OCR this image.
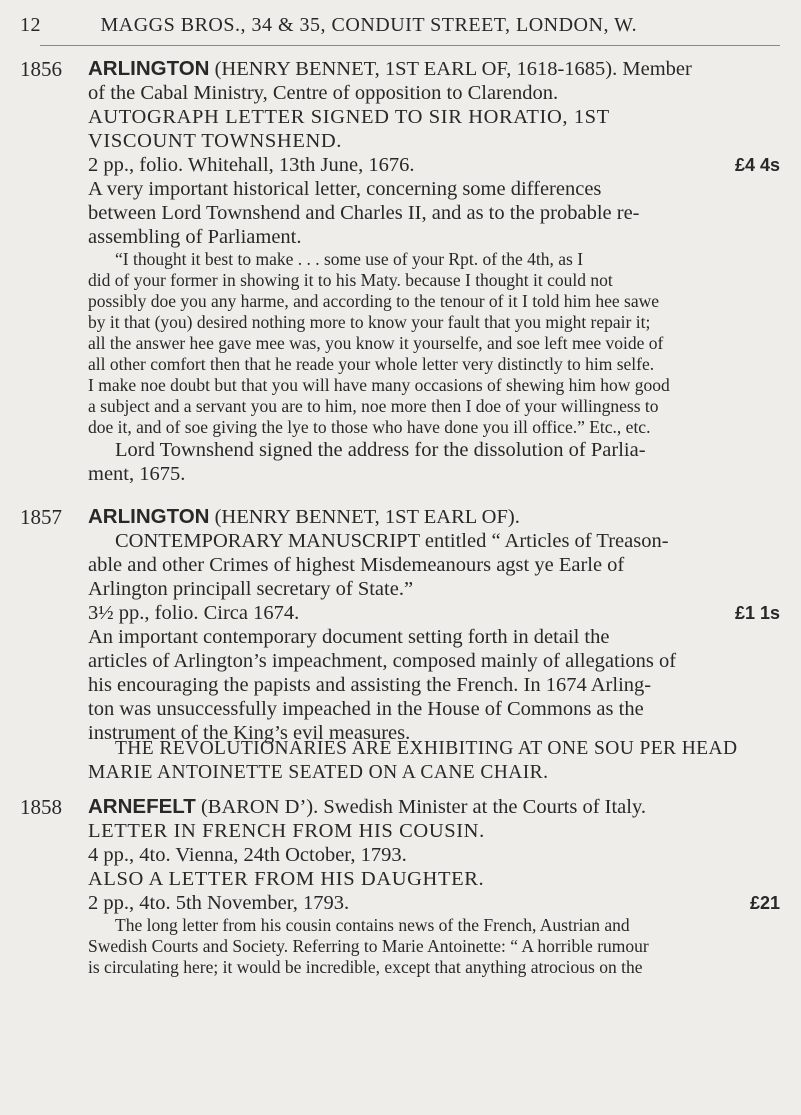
12	MAGGS BROS., 34 & 35, CONDUIT STREET, LONDON, W.
1856	ARLINGTON (HENRY BENNET, 1ST EARL OF, 1618-1685). Member
of the Cabal Ministry, Centre of opposition to Clarendon.
AUTOGRAPH LETTER SIGNED TO SIR HORATIO, 1ST
VISCOUNT TOWNSHEND.
2 pp., folio. Whitehall, 13th June, 1676.	£4 4s
A very important historical letter, concerning some differences
between Lord Townshend and Charles II, and as to the probable re-
assembling of Parliament.
“I thought it best to make . . . some use of your Rpt. of the 4th, as I
did of your former in showing it to his Maty. because I thought it could not
possibly doe you any harme, and according to the tenour of it I told him hee sawe
by it that (you) desired nothing more to know your fault that you might repair it;
all the answer hee gave mee was, you know it yourselfe, and soe left mee voide of
all other comfort then that he reade your whole letter very distinctly to him selfe.
I make noe doubt but that you will have many occasions of shewing him how good
a subject and a servant you are to him, noe more then I doe of your willingness to
doe it, and of soe giving the lye to those who have done you ill office.” Etc., etc.
Lord Townshend signed the address for the dissolution of Parlia-
ment, 1675.
1857	ARLINGTON (HENRY BENNET, 1ST EARL OF).
CONTEMPORARY MANUSCRIPT entitled “ Articles of Treason-
able and other Crimes of highest Misdemeanours agst ye Earle of
Arlington principall secretary of State.”
3½ pp., folio. Circa 1674.	£1 1s
An important contemporary document setting forth in detail the
articles of Arlington’s impeachment, composed mainly of allegations of
his encouraging the papists and assisting the French. In 1674 Arling-
ton was unsuccessfully impeached in the House of Commons as the
instrument of the King’s evil measures.
THE REVOLUTIONARIES ARE EXHIBITING AT ONE SOU PER HEAD
MARIE ANTOINETTE SEATED ON A CANE CHAIR.
1858	ARNEFELT (BARON D’). Swedish Minister at the Courts of Italy.
LETTER IN FRENCH FROM HIS COUSIN.
4 pp., 4to. Vienna, 24th October, 1793.
ALSO A LETTER FROM HIS DAUGHTER.
2 pp., 4to. 5th November, 1793.	£21
The long letter from his cousin contains news of the French, Austrian and
Swedish Courts and Society. Referring to Marie Antoinette: “ A horrible rumour
is circulating here; it would be incredible, except that anything atrocious on the
